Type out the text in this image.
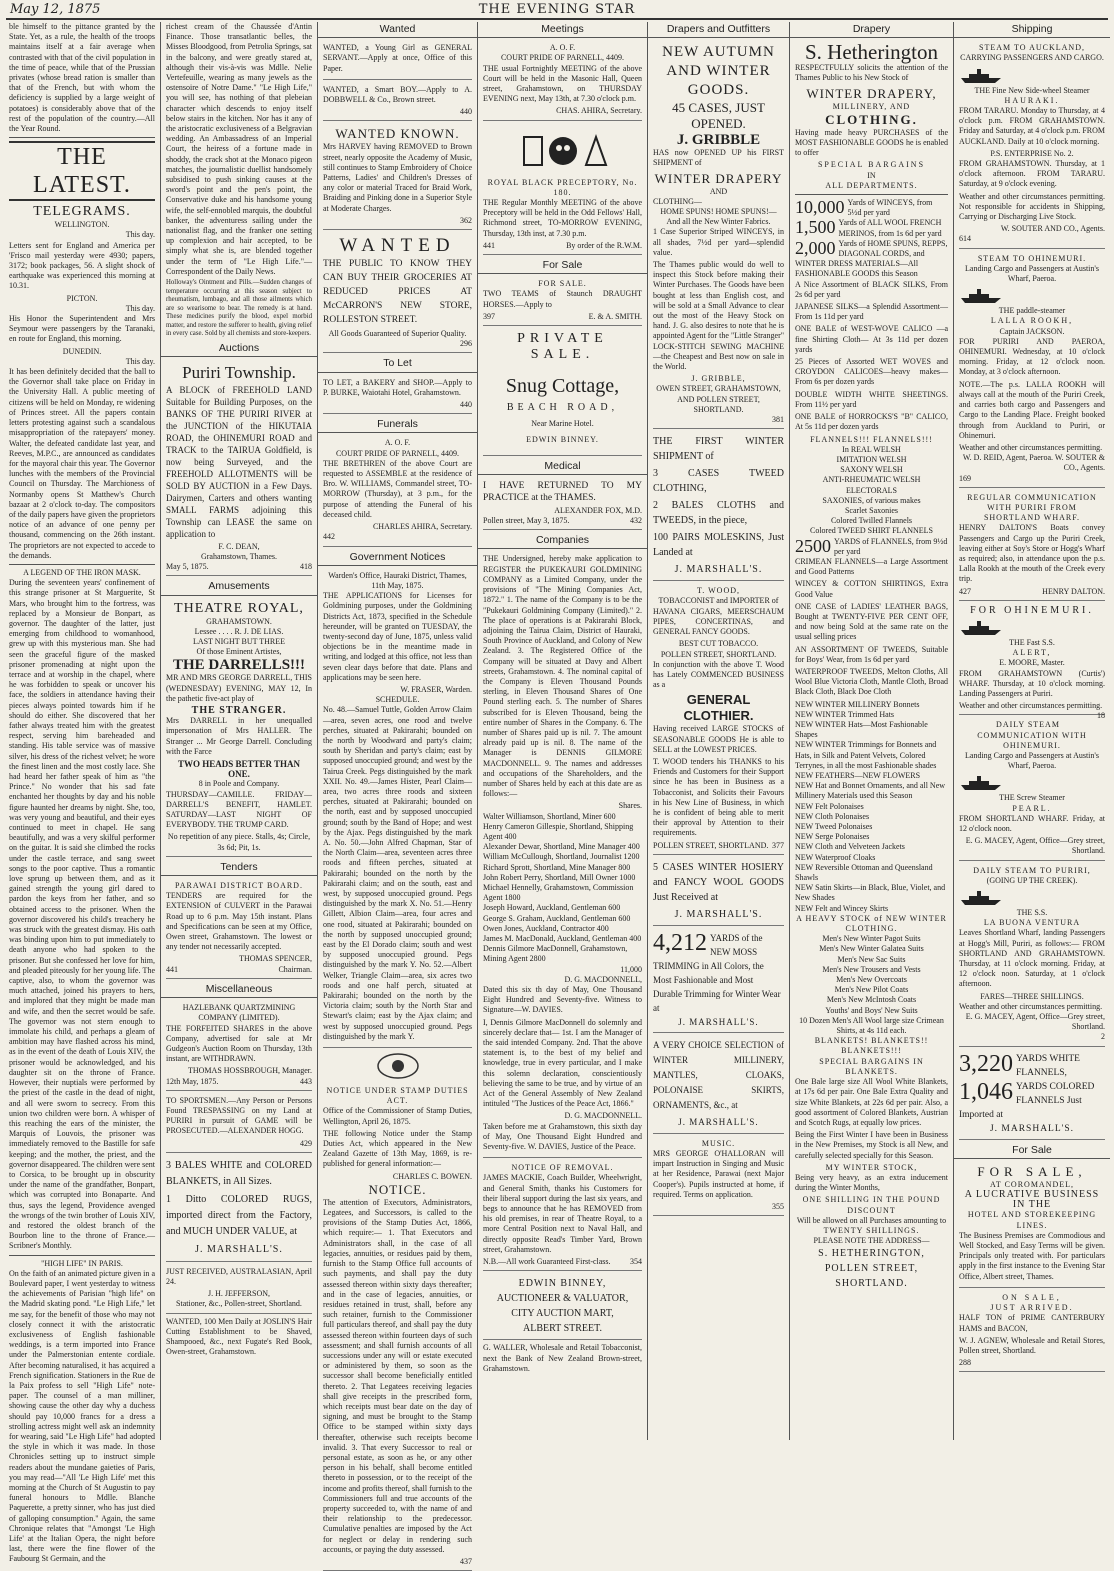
May 12, 1875	THE EVENING STAR

ble himself to the pittance granted by the State. Yet, as a rule, the health of the troops maintains itself at a fair average when contrasted with that of the civil population in the time of peace, while that of the Prussian privates (whose bread ration is smaller than that of the French, but with whom the deficiency is supplied by a large weight of potatoes) is considerably above that of the rest of the population of the country.—All the Year Round.

THE LATEST.
TELEGRAMS.
WELLINGTON.
This day.

Letters sent for England and America per 'Frisco mail yesterday were 4930; papers, 3172; book packages, 56. A slight shock of earthquake was experienced this morning at 10.31.

PICTON.
This day.

His Honor the Superintendent and Mrs Seymour were passengers by the Taranaki, en route for England, this morning.

DUNEDIN.
This day.

It has been definitely decided that the ball to the Governor shall take place on Friday in the University Hall. A public meeting of citizens will be held on Monday, re widening of Princes street. All the papers contain letters protesting against such a scandalous misappropriation of the ratepayers' money. Walter, the defeated candidate last year, and Reeves, M.P.C., are announced as candidates for the mayoral chair this year. The Governor lunches with the members of the Provincial Council on Thursday. The Marchioness of Normanby opens St Matthew's Church bazaar at 2 o'clock to-day. The compositors of the daily papers have given the proprietors notice of an advance of one penny per thousand, commencing on the 26th instant. The proprietors are not expected to accede to the demands.

A LEGEND OF THE IRON MASK.

During the seventeen years' confinement of this strange prisoner at St Marguerite, St Mars, who brought him to the fortress, was replaced by a Monsieur de Bonpart, as governor. The daughter of the latter, just emerging from childhood to womanhood, grew up with this mysterious man. She had seen the graceful figure of the masked prisoner promenading at night upon the terrace and at worship in the chapel, where he was forbidden to speak or uncover his face, the soldiers in attendance having their pieces always pointed towards him if he should do either. She discovered that her father always treated him with the greatest respect, serving him bareheaded and standing. His table service was of massive silver, his dress of the richest velvet; he wore the finest linen and the most costly lace. She had heard her father speak of him as "the Prince." No wonder that his sad fate enchanted her thoughts by day and his noble figure haunted her dreams by night. She, too, was very young and beautiful, and their eyes continued to meet in chapel. He sang beautifully, and was a very skilful performer on the guitar. It is said she climbed the rocks under the castle terrace, and sang sweet songs to the poor captive. Thus a romantic love sprung up between them, and as it gained strength the young girl dared to pardon the keys from her father, and so obtained access to the prisoner. When the governor discovered his child's treachery he was struck with the greatest dismay. His oath was binding upon him to put immediately to death anyone who had spoken to the prisoner. But she confessed her love for him, and pleaded piteously for her young life. The captive, also, to whom the governor was much attached, joined his prayers to hers, and implored that they might be made man and wife, and then the secret would be safe. The governor was not stern enough to immolate his child, and perhaps a gleam of ambition may have flashed across his mind, as in the event of the death of Louis XIV, the prisoner would be acknowledged, and his daughter sit on the throne of France. However, their nuptials were performed by the priest of the castle in the dead of night, and all were sworn to secrecy. From this union two children were born. A whisper of this reaching the ears of the minister, the Marquis of Louvois, the prisoner was immediately removed to the Bastille for safe keeping; and the mother, the priest, and the governor disappeared. The children were sent to Corsica, to be brought up in obscurity under the name of the grandfather, Bonpart, which was corrupted into Bonaparte. And thus, says the legend, Providence avenged the wrongs of the twin brother of Louis XIV, and restored the oldest branch of the Bourbon line to the throne of France.—Scribner's Monthly.

"HIGH LIFE" IN PARIS.

On the faith of an animated picture given in a Boulevard paper, I went yesterday to witness the achievements of Parisian "high life" on the Madrid skating pond. "Le High Life," let me say, for the benefit of those who may not closely connect it with the aristocratic exclusiveness of English fashionable weddings, is a term imported into France under the Palmerstonian entente cordiale. After becoming naturalised, it has acquired a French signification. Stationers in the Rue de la Paix profess to sell "High Life" note-paper. The counsel of a man milliner, showing cause the other day why a duchess should pay 10,000 francs for a dress a strolling actress might well ask an indemnity for wearing, said "Le High Life" had adopted the style in which it was made. In those Chronicles setting up to instruct simple readers about the mundane gaieties of Paris, you may read—"All 'Le High Life' met this morning at the Church of St Augustin to pay funeral honours to Mdlle. Blanche Paquerette, a pretty sinner, who has just died of galloping consumption." Again, the same Chronique relates that "Amongst 'Le High Life' at the Italian Opera, the night before last, there were the fine flower of the Faubourg St Germain, and the

richest cream of the Chaussée d'Antin Finance. Those transatlantic belles, the Misses Bloodgood, from Petrolia Springs, sat in the balcony, and were greatly stared at, although their vis-à-vis was Mdlle. Nelie Vertefeuille, wearing as many jewels as the ostensoire of Notre Dame." "Le High Life," you will see, has nothing of that plebeian character which descends to enjoy itself below stairs in the kitchen. Nor has it any of the aristocratic exclusiveness of a Belgravian wedding. An Ambassadress of an Imperial Court, the heiress of a fortune made in shoddy, the crack shot at the Monaco pigeon matches, the journalistic duellist handsomely subsidised to push sinking causes at the sword's point and the pen's point, the Conservative duke and his handsome young wife, the self-ennobled marquis, the doubtful banker, the adventuress sailing under the nationalist flag, and the franker one setting up complexion and hair accepted, to be simply what she is, are blended together under the term of "Le High Life."—Correspondent of the Daily News.

Holloway's Ointment and Pills.—Sudden changes of temperature occurring at this season subject to rheumatism, lumbago, and all those ailments which are so wearisome to bear. The remedy is at hand. These medicines purify the blood, expel morbid matter, and restore the sufferer to health, giving relief in every case. Sold by all chemists and store-keepers.

Auctions
Puriri Township.

A BLOCK of FREEHOLD LAND Suitable for Building Purposes, on the BANKS OF THE PURIRI RIVER at the JUNCTION of the HIKUTAIA ROAD, the OHINEMURI ROAD and TRACK to the TAIRUA Goldfield, is now being Surveyed, and the FREEHOLD ALLOTMENTS will be SOLD BY AUCTION in a Few Days. Dairymen, Carters and others wanting SMALL FARMS adjoining this Township can LEASE the same on application to

F. C. DEAN,
Grahamstown, Thames.
May 5, 1875.	418
Amusements
THEATRE ROYAL,
GRAHAMSTOWN.
Lessee . . . . R. J. DE LIAS.
LAST NIGHT BUT THREE
Of those Eminent Artistes,
THE DARRELLS!!!

MR AND MRS GEORGE DARRELL, THIS (WEDNESDAY) EVENING, MAY 12, In the pathetic five-act play of

THE STRANGER.

Mrs DARRELL in her unequalled impersonation of Mrs HALLER. The Stranger ... Mr George Darrell. Concluding with the Farce

TWO HEADS BETTER THAN ONE.
8 in Poole and Company.

THURSDAY—CAMILLE. FRIDAY—DARRELL'S BENEFIT, HAMLET. SATURDAY—LAST NIGHT OF EVERYBODY. THE TRUMP CARD.

No repetition of any piece. Stalls, 4s; Circle, 3s 6d; Pit, 1s.
Tenders
PARAWAI DISTRICT BOARD.

TENDERS are required for the EXTENSION of CULVERT in the Parawai Road up to 6 p.m. May 15th instant. Plans and Specifications can be seen at my Office, Owen street, Grahamstown. The lowest or any tender not necessarily accepted.

THOMAS SPENCER,
441	Chairman.
Miscellaneous
HAZLEBANK QUARTZMINING COMPANY (LIMITED).

THE FORFEITED SHARES in the above Company, advertised for sale at Mr Gudgeon's Auction Room on Thursday, 13th instant, are WITHDRAWN.

THOMAS HOSSBROUGH, Manager.
12th May, 1875.	443

TO SPORTSMEN.—Any Person or Persons Found TRESPASSING on my Land at PURIRI in pursuit of GAME will be PROSECUTED.—ALEXANDER HOGG.

429

3 BALES WHITE and COLORED BLANKETS, in All Sizes.

1 Ditto COLORED RUGS, imported direct from the Factory, and MUCH UNDER VALUE, at

J. MARSHALL'S.

JUST RECEIVED, AUSTRALASIAN, April 24.

J. H. JEFFERSON,
Stationer, &c., Pollen-street, Shortland.

WANTED, 100 Men Daily at JOSLIN'S Hair Cutting Establishment to be Shaved, Shampooed, &c., next Fugate's Red Book, Owen-street, Grahamstown.

Wanted

WANTED, a Young Girl as GENERAL SERVANT.—Apply at once, Office of this Paper.

WANTED, a Smart BOY.—Apply to A. DOBBWELL & Co., Brown street.

440
WANTED KNOWN.

Mrs HARVEY having REMOVED to Brown street, nearly opposite the Academy of Music, still continues to Stamp Embroidery of Choice Patterns, Ladies' and Children's Dresses of any color or material Traced for Braid Work, Braiding and Pinking done in a Superior Style at Moderate Charges.

362
WANTED

THE PUBLIC TO KNOW THEY CAN BUY THEIR GROCERIES AT REDUCED PRICES AT McCARRON'S NEW STORE, ROLLESTON STREET.

All Goods Guaranteed of Superior Quality.
296
To Let

TO LET, a BAKERY and SHOP.—Apply to P. BURKE, Waiotahi Hotel, Grahamstown.

440
Funerals
A. O. F.
COURT PRIDE OF PARNELL, 4409.

THE BRETHREN of the above Court are requested to ASSEMBLE at the residence of Bro. W. WILLIAMS, Commandel street, TO-MORROW (Thursday), at 3 p.m., for the purpose of attending the Funeral of his deceased child.

CHARLES AHIRA, Secretary.
442
Government Notices
Warden's Office, Hauraki District, Thames, 11th May, 1875.

THE APPLICATIONS for Licenses for Goldmining purposes, under the Goldmining Districts Act, 1873, specified in the Schedule hereunder, will be granted on TUESDAY, the twenty-second day of June, 1875, unless valid objections be in the meantime made in writing, and lodged at this office, not less than seven clear days before that date. Plans and applications may be seen here.

W. FRASER, Warden.
SCHEDULE.

No. 48.—Samuel Tuttle, Golden Arrow Claim—area, seven acres, one rood and twelve perches, situated at Pakirarahi; bounded on the north by Woodward and party's claim; south by Sheridan and party's claim; east by supposed unoccupied ground; and west by the Tairua Creek. Pegs distinguished by the mark XXII. No. 49.—James Hister, Pearl Claim—area, two acres three roods and sixteen perches, situated at Pakirarahi; bounded on the north, east and by supposed unoccupied ground; south by the Band of Hope; and west by the Ajax. Pegs distinguished by the mark A. No. 50.—John Alfred Chapman, Star of the North Claim—area, seventeen acres three roods and fifteen perches, situated at Pakirarahi; bounded on the north by the Pakirarahi claim; and on the south, east and west, by supposed unoccupied ground. Pegs distinguished by the mark X. No. 51.—Henry Gillett, Albion Claim—area, four acres and one rood, situated at Pakirarahi; bounded on the north by supposed unoccupied ground; east by the El Dorado claim; south and west by supposed unoccupied ground. Pegs distinguished by the mark Y. No. 52.—Albert Welker, Triangle Claim—area, six acres two roods and one half perch, situated at Pakirarahi; bounded on the north by the Victoria claim; south by the North Star and Stewart's claim; east by the Ajax claim; and west by supposed unoccupied ground. Pegs distinguished by the mark Y.

NOTICE UNDER STAMP DUTIES ACT.

Office of the Commissioner of Stamp Duties, Wellington, April 26, 1875.

THE following Notice under the Stamp Duties Act, which appeared in the New Zealand Gazette of 13th May, 1869, is re-published for general information:—

CHARLES C. BOWEN.
NOTICE.

The attention of Executors, Administrators, Legatees, and Successors, is called to the provisions of the Stamp Duties Act, 1866, which require:— 1. That Executors and Administrators shall, in the case of all legacies, annuities, or residues paid by them, furnish to the Stamp Office full accounts of such payments, and shall pay the duty assessed thereon within sixty days thereafter; and in the case of legacies, annuities, or residues retained in trust, shall, before any such retainer, furnish to the Commissioner full particulars thereof, and shall pay the duty assessed thereon within fourteen days of such assessment; and shall furnish accounts of all successions under any will or estate executed or administered by them, so soon as the successor shall become beneficially entitled thereto. 2. That Legatees receiving legacies shall give receipts in the prescribed form, which receipts must bear date on the day of signing, and must be brought to the Stamp Office to be stamped within sixty days thereafter, otherwise such receipts become invalid. 3. That every Successor to real or personal estate, as soon as he, or any other person in his behalf, shall become entitled thereto in possession, or to the receipt of the income and profits thereof, shall furnish to the Commissioners full and true accounts of the property succeeded to, with the name of and their relationship to the predecessor. Cumulative penalties are imposed by the Act for neglect or delay in rendering such accounts, or paying the duty assessed.

437
Meetings
A. O. F.
COURT PRIDE OF PARNELL, 4409.

THE usual Fortnightly MEETING of the above Court will be held in the Masonic Hall, Queen street, Grahamstown, on THURSDAY EVENING next, May 13th, at 7.30 o'clock p.m.

CHAS. AHIRA, Secretary.
ROYAL BLACK PRECEPTORY, No. 180.

THE Regular Monthly MEETING of the above Preceptory will be held in the Odd Fellows' Hall, Richmond street, TO-MORROW EVENING, Thursday, 13th inst, at 7.30 p.m.

441	By order of the R.W.M.
For Sale
FOR SALE.

TWO TEAMS of Staunch DRAUGHT HORSES.—Apply to

397	E. & A. SMITH.
PRIVATE SALE.
Snug Cottage,
BEACH ROAD,
Near Marine Hotel.
EDWIN BINNEY.
Medical

I HAVE RETURNED TO MY PRACTICE at the THAMES.

ALEXANDER FOX, M.D.
Pollen street, May 3, 1875.	432
Companies

THE Undersigned, hereby make application to REGISTER the PUKEKAURI GOLDMINING COMPANY as a Limited Company, under the provisions of "The Mining Companies Act, 1872." 1. The name of the Company is to be the "Pukekauri Goldmining Company (Limited)." 2. The place of operations is at Pakirarahi Block, adjoining the Tairua Claim, District of Hauraki, South Province of Auckland, and Colony of New Zealand. 3. The Registered Office of the Company will be situated at Davy and Albert streets, Grahamstown. 4. The nominal capital of the Company is Eleven Thousand Pounds sterling, in Eleven Thousand Shares of One Pound sterling each. 5. The number of Shares subscribed for is Eleven Thousand, being the entire number of Shares in the Company. 6. The number of Shares paid up is nil. 7. The amount already paid up is nil. 8. The name of the Manager is DENNIS GILMORE MACDONNELL. 9. The names and addresses and occupations of the Shareholders, and the number of Shares held by each at this date are as follows:—

Shares.
Walter Williamson, Shortland, Miner 600
Henry Cameron Gillespie, Shortland, Shipping Agent 400
Alexander Dewar, Shortland, Mine Manager 400
William McCullough, Shortland, Journalist 1200
Richard Sprott, Shortland, Mine Manager 800
John Robert Perry, Shortland, Mill Owner 1000
Michael Hennelly, Grahamstown, Commission Agent 1800
Joseph Howard, Auckland, Gentleman 600
George S. Graham, Auckland, Gentleman 600
Owen Jones, Auckland, Contractor 400
James M. MacDonald, Auckland, Gentleman 400
Dennis Gilmore MacDonnell, Grahamstown, Mining Agent 2800
11,000
D. G. MACDONNELL,

Dated this six th day of May, One Thousand Eight Hundred and Seventy-five. Witness to Signature—W. DAVIES.

I, Dennis Gilmore MacDonnell do solemnly and sincerely declare that— 1st. I am the Manager of the said intended Company. 2nd. That the above statement is, to the best of my belief and knowledge, true in every particular, and I make this solemn declaration, conscientiously believing the same to be true, and by virtue of an Act of the General Assembly of New Zealand intituled "The Justices of the Peace Act, 1866."

D. G. MACDONNELL.

Taken before me at Grahamstown, this sixth day of May, One Thousand Eight Hundred and Seventy-five. W. DAVIES, Justice of the Peace.

NOTICE OF REMOVAL.

JAMES MACKIE, Coach Builder, Wheelwright, and General Smith, thanks his Customers for their liberal support during the last six years, and begs to announce that he has REMOVED from his old premises, in rear of Theatre Royal, to a more Central Position next to Naval Hall, and directly opposite Read's Timber Yard, Brown street, Grahamstown.

N.B.—All work Guaranteed First-class. 354
EDWIN BINNEY,
AUCTIONEER & VALUATOR,
CITY AUCTION MART,
ALBERT STREET.

G. WALLER, Wholesale and Retail Tobacconist, next the Bank of New Zealand Brown-street, Grahamstown.

Drapers and Outfitters
NEW AUTUMN AND WINTER GOODS.
45 CASES, JUST OPENED.
J. GRIBBLE

HAS now OPENED UP his FIRST SHIPMENT of

WINTER DRAPERY
AND
CLOTHING—
HOME SPUNS! HOME SPUNS!—
And all the New Winter Fabrics.

1 Case Superior Striped WINCEYS, in all shades, 7½d per yard—splendid value.

The Thames public would do well to inspect this Stock before making their Winter Purchases. The Goods have been bought at less than English cost, and will be sold at a Small Advance to clear out the most of the Heavy Stock on hand. J. G. also desires to note that he is appointed Agent for the "Little Stranger" LOCK-STITCH SEWING MACHINE —the Cheapest and Best now on sale in the World.

J. GRIBBLE,
OWEN STREET, GRAHAMSTOWN,
AND POLLEN STREET, SHORTLAND.
381

THE FIRST WINTER SHIPMENT of

3 CASES TWEED CLOTHING,

2 BALES CLOTHS and TWEEDS, in the piece,

100 PAIRS MOLESKINS, Just Landed at

J. MARSHALL'S.
T. WOOD,
TOBACCONIST and IMPORTER of

HAVANA CIGARS, MEERSCHAUM PIPES, CONCERTINAS, and GENERAL FANCY GOODS.

BEST CUT TOBACCO.
POLLEN STREET, SHORTLAND.

In conjunction with the above T. Wood has Lately COMMENCED BUSINESS as a

GENERAL CLOTHIER.

Having received LARGE STOCKS of SEASONABLE GOODS He is able to SELL at the LOWEST PRICES.

T. WOOD tenders his THANKS to his Friends and Customers for their Support since he has been in Business as a Tobacconist, and Solicits their Favours in his New Line of Business, in which he is confident of being able to merit their approval by Attention to their requirements.

POLLEN STREET, SHORTLAND. 377

5 CASES WINTER HOSIERY and FANCY WOOL GOODS Just Received at

J. MARSHALL'S.
4,212 YARDS of the NEW MOSS TRIMMING in All Colors, the Most Fashionable and Most Durable Trimming for Winter Wear at
J. MARSHALL'S.

A VERY CHOICE SELECTION of WINTER MILLINERY, MANTLES, CLOAKS, POLONAISE SKIRTS, ORNAMENTS, &c., at

J. MARSHALL'S.
MUSIC.

MRS GEORGE O'HALLORAN will impart Instruction in Singing and Music at her Residence, Parawai (next Major Cooper's). Pupils instructed at home, if required. Terms on application.

355
Drapery
S. Hetherington

RESPECTFULLY solicits the attention of the Thames Public to his New Stock of

WINTER DRAPERY,
MILLINERY, AND
CLOTHING.

Having made heavy PURCHASES of the MOST FASHIONABLE GOODS he is enabled to offer

SPECIAL BARGAINS
IN
ALL DEPARTMENTS.
10,000 Yards of WINCEYS, from 5½d per yard
1,500 Yards of ALL WOOL FRENCH MERINOS, from 1s 6d per yard
2,000 Yards of HOME SPUNS, REPPS, DIAGONAL CORDS, and WINTER DRESS MATERIALS—All FASHIONABLE GOODS this Season

A Nice Assortment of BLACK SILKS, From 2s 6d per yard

JAPANESE SILKS—a Splendid Assortment—From 1s 11d per yard

ONE BALE of WEST-WOVE CALICO —a fine Shirting Cloth— At 3s 11d per dozen yards

25 Pieces of Assorted WET WOVES and CROYDON CALICOES—heavy makes— From 6s per dozen yards

DOUBLE WIDTH WHITE SHEETINGS. From 11½ per yard

ONE BALE of HORROCKS'S "B" CALICO, At 5s 11d per dozen yards

FLANNELS!!! FLANNELS!!!
In REAL WELSH
IMITATION WELSH
SAXONY WELSH
ANTI-RHEUMATIC WELSH
ELECTORALS
SAXONIES, of various makes
Scarlet Saxonies
Colored Twilled Flannels
Colored TWEED SHIRT FLANNELS
2500 YARDS of FLANNELS, from 9½d per yard

CRIMEAN FLANNELS—a Large Assortment and Good Patterns

WINCEY & COTTON SHIRTINGS, Extra Good Value

ONE CASE of LADIES' LEATHER BAGS, Bought at TWENTY-FIVE PER CENT OFF, and now being Sold at the same rate on the usual selling prices

AN ASSORTMENT OF TWEEDS, Suitable for Boys' Wear, from 1s 6d per yard

WATERPROOF TWEEDS, Melton Cloths, All Wool Blue Victoria Cloth, Mantle Cloth, Broad Black Cloth, Black Doe Cloth

NEW WINTER MILLINERY Bonnets
NEW WINTER Trimmed Hats
NEW WINTER Hats—Most Fashionable Shapes
NEW WINTER Trimmings for Bonnets and Hats, in Silk and Patent Velvets, Colored Terrynes, in all the most Fashionable shades
NEW FEATHERS—NEW FLOWERS
NEW Hat and Bonnet Ornaments, and all New Millinery Materials used this Season
NEW Felt Polonaises
NEW Cloth Polonaises
NEW Tweed Polonaises
NEW Serge Polonaises
NEW Cloth and Velveteen Jackets
NEW Waterproof Cloaks
NEW Reversible Ottoman and Queensland Shawls
NEW Satin Skirts—in Black, Blue, Violet, and New Shades
NEW Felt and Wincey Skirts
A HEAVY STOCK of NEW WINTER CLOTHING.
Men's New Winter Pagot Suits
Men's New Winter Galatea Suits
Men's New Sac Suits
Men's New Trousers and Vests
Men's New Overcoats
Men's New Pilot Coats
Men's New McIntosh Coats
Youths' and Boys' New Suits
10 Dozen Men's All Wool large size Crimean Shirts, at 4s 11d each.
BLANKETS! BLANKETS!! BLANKETS!!!
SPECIAL BARGAINS IN BLANKETS.

One Bale large size All Wool White Blankets, at 17s 6d per pair. One Bale Extra Quality and size White Blankets, at 22s 6d per pair. Also, a good assortment of Colored Blankets, Austrian and Scotch Rugs, at equally low prices.

Being the First Winter I have been in Business in the New Premises, my Stock is all New, and carefully selected specially for this Season.

MY WINTER STOCK,

Being very heavy, as an extra inducement during the Winter Months,

ONE SHILLING IN THE POUND DISCOUNT
Will be allowed on all Purchases amounting to
TWENTY SHILLINGS.
PLEASE NOTE THE ADDRESS—
S. HETHERINGTON,
POLLEN STREET,
SHORTLAND.
Shipping
STEAM TO AUCKLAND,
CARRYING PASSENGERS AND CARGO.
THE Fine New Side-wheel Steamer
HAURAKI.

FROM TARARU. Monday to Thursday, at 4 o'clock p.m. FROM GRAHAMSTOWN. Friday and Saturday, at 4 o'clock p.m. FROM AUCKLAND. Daily at 10 o'clock morning.

P.S. ENTERPRISE No. 2.

FROM GRAHAMSTOWN. Thursday, at 1 o'clock afternoon. FROM TARARU. Saturday, at 9 o'clock evening.

Weather and other circumstances permitting. Not responsible for accidents in Shipping, Carrying or Discharging Live Stock.

W. SOUTER AND CO., Agents.
614
STEAM TO OHINEMURI.
Landing Cargo and Passengers at Austin's Wharf, Paeroa.
THE paddle-steamer
LALLA ROOKH,
Captain JACKSON.

FOR PURIRI AND PAEROA, OHINEMURI. Wednesday, at 10 o'clock morning. Friday, at 12 o'clock noon. Monday, at 3 o'clock afternoon.

NOTE.—The p.s. LALLA ROOKH will always call at the mouth of the Puriri Creek, and carries both cargo and Passengers and Cargo to the Landing Place. Freight booked through from Auckland to Puriri, or Ohinemuri.

Weather and other circumstances permitting.
W. D. REID, Agent, Paeroa. W. SOUTER & CO., Agents.
169
REGULAR COMMUNICATION WITH PURIRI FROM SHORTLAND WHARF.

HENRY DALTON'S Boats convey Passengers and Cargo up the Puriri Creek, leaving either at Soy's Store or Hogg's Wharf as required; also, in attendance upon the p.s. Lalla Rookh at the mouth of the Creek every trip.

427	HENRY DALTON.
FOR OHINEMURI.
THE Fast S.S.
ALERT,
E. MOORE, Master.

FROM GRAHAMSTOWN (Curtis') WHARF. Thursday, at 10 o'clock morning. Landing Passengers at Puriri.

Weather and other circumstances permitting.
18
DAILY STEAM COMMUNICATION WITH OHINEMURI.
Landing Cargo and Passengers at Austin's Wharf, Paeroa.
THE Screw Steamer
PEARL.

FROM SHORTLAND WHARF. Friday, at 12 o'clock noon.

E. G. MACEY, Agent, Office—Grey street, Shortland.
DAILY STEAM TO PURIRI,
(GOING UP THE CREEK).
THE S.S.
LA BUONA VENTURA

Leaves Shortland Wharf, landing Passengers at Hogg's Mill, Puriri, as follows:— FROM SHORTLAND AND GRAHAMSTOWN. Thursday, at 11 o'clock morning. Friday, at 12 o'clock noon. Saturday, at 1 o'clock afternoon.

FARES—THREE SHILLINGS.
Weather and other circumstances permitting.
E. G. MACEY, Agent, Office—Grey street, Shortland.
2
3,220 YARDS WHITE FLANNELS,
1,046 YARDS COLORED FLANNELS Just Imported at
J. MARSHALL'S.
For Sale
FOR SALE,
AT COROMANDEL,
A LUCRATIVE BUSINESS IN THE
HOTEL AND STOREKEEPING LINES.

The Business Premises are Commodious and Well Stocked, and Easy Terms will be given. Principals only treated with. For particulars apply in the first instance to the Evening Star Office, Albert street, Thames.

ON SALE,
JUST ARRIVED.

HALF TON of PRIME CANTERBURY HAMS and BACON,

W. J. AGNEW, Wholesale and Retail Stores, Pollen street, Shortland.

288
